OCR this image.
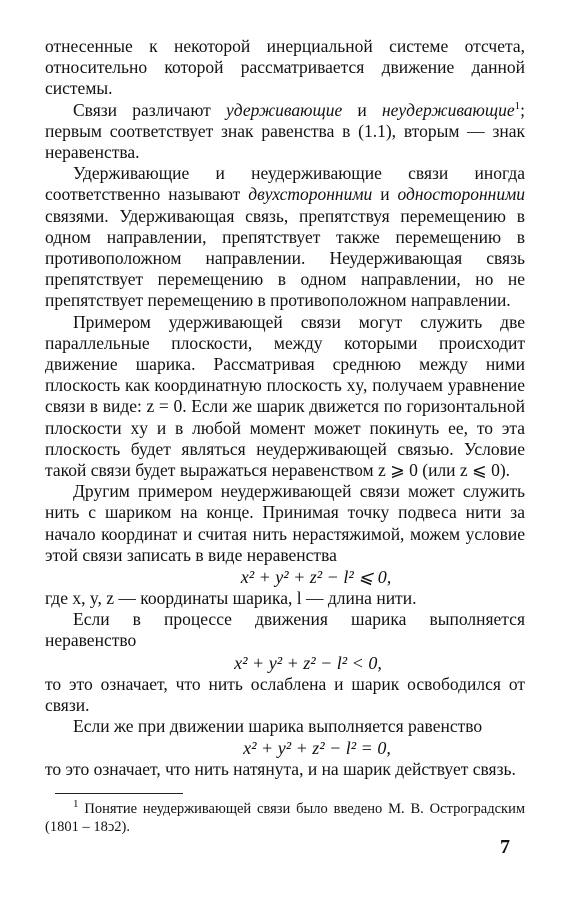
отнесенные к некоторой инерциальной системе отсчета, относительно которой рассматривается движение данной системы.

Связи различают удерживающие и неудерживающие$^1$; первым соответствует знак равенства в (1.1), вторым — знак неравенства.

Удерживающие и неудерживающие связи иногда соответственно называют двухсторонними и односторонними связями. Удерживающая связь, препятствуя перемещению в одном направлении, препятствует также перемещению в противоположном направлении. Неудерживающая связь препятствует перемещению в одном направлении, но не препятствует перемещению в противоположном направлении.

Примером удерживающей связи могут служить две параллельные плоскости, между которыми происходит движение шарика. Рассматривая среднюю между ними плоскость как координатную плоскость xy, получаем уравнение связи в виде: z = 0. Если же шарик движется по горизонтальной плоскости xy и в любой момент может покинуть ее, то эта плоскость будет являться неудерживающей связью. Условие такой связи будет выражаться неравенством z ⩾ 0 (или z ⩽ 0).

Другим примером неудерживающей связи может служить нить с шариком на конце. Принимая точку подвеса нити за начало координат и считая нить нерастяжимой, можем условие этой связи записать в виде неравенства

x² + y² + z² − l² ⩽ 0,

где x, y, z — координаты шарика, l — длина нити.

Если в процессе движения шарика выполняется неравенство

x² + y² + z² − l² < 0,

то это означает, что нить ослаблена и шарик освободился от связи.

Если же при движении шарика выполняется равенство

x² + y² + z² − l² = 0,

то это означает, что нить натянута, и на шарик действует связь.

$^1$ Понятие неудерживающей связи было введено М. В. Остроградским (1801 – 18ↄ2).

7
